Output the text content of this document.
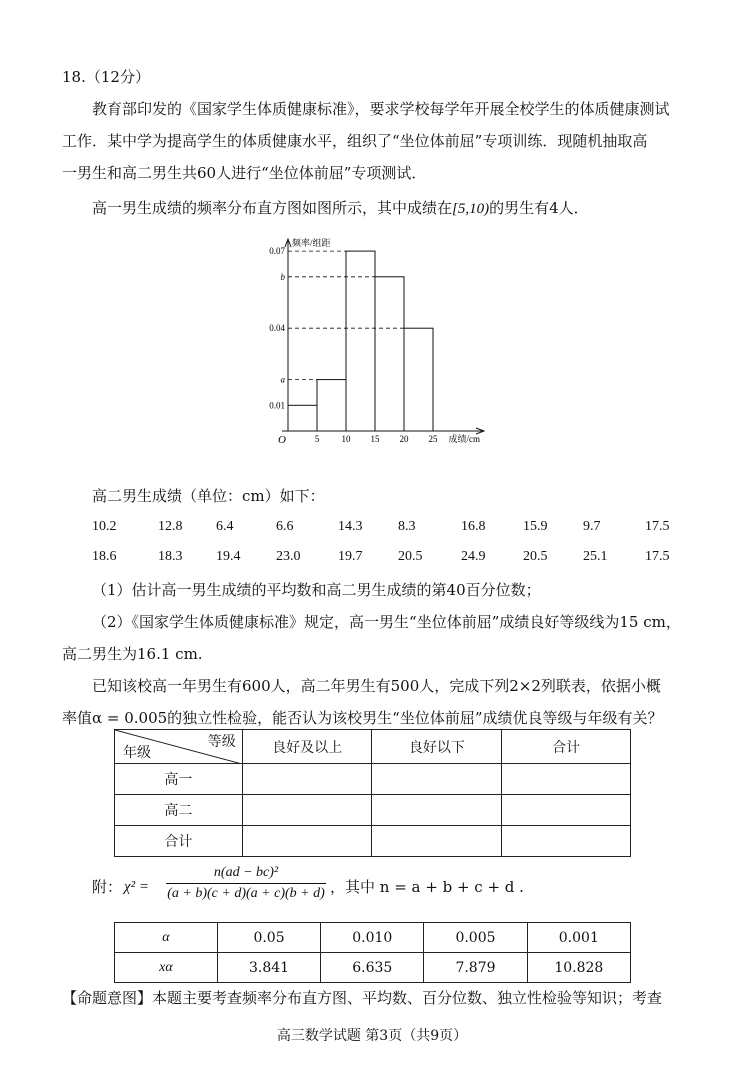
18.（12分）
教育部印发的《国家学生体质健康标准》，要求学校每学年开展全校学生的体质健康测试
工作．某中学为提高学生的体质健康水平，组织了“坐位体前屈”专项训练．现随机抽取高
一男生和高二男生共60人进行“坐位体前屈”专项测试．
高一男生成绩的频率分布直方图如图所示，其中成绩在[5,10)的男生有4人．
0.01
a
0.04
b
0.07
5 10 15 20 25
O
频率/组距
成绩/cm
高二男生成绩（单位：cm）如下：
10.2	12.8 6.4	6.6	14.3	8.3	16.8	15.9	9.7	17.5
18.6	18.3 19.4	23.0	19.7	20.5	24.9	20.5	25.1	17.5
（1）估计高一男生成绩的平均数和高二男生成绩的第40百分位数；
（2）《国家学生体质健康标准》规定，高一男生“坐位体前屈”成绩良好等级线为15 cm，
高二男生为16.1 cm.
已知该校高一年男生有600人，高二年男生有500人，完成下列2×2列联表，依据小概
率值α = 0.005的独立性检验，能否认为该校男生“坐位体前屈”成绩优良等级与年级有关？
等级
年级	良好及以上	良好以下	合计
高一			
高二			
合计			
附： χ² =
n(ad − bc)²
(a + b)(c + d)(a + c)(b + d) ，其中 n = a + b + c + d .
α	0.05	0.010	0.005	0.001
xα	3.841	6.635	7.879	10.828
【命题意图】本题主要考查频率分布直方图、平均数、百分位数、独立性检验等知识；考查
高三数学试题 第3页（共9页）
